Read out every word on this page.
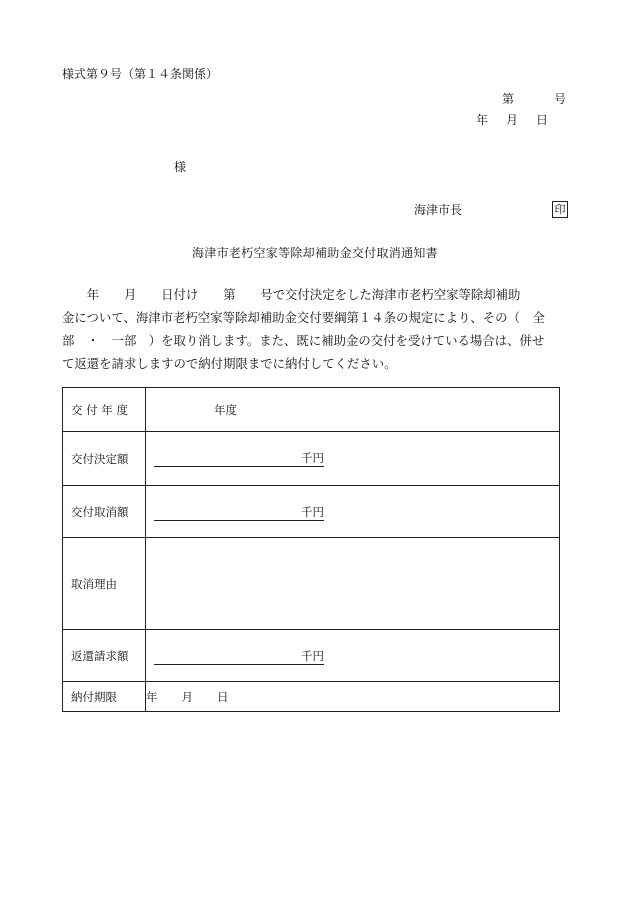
様式第９号（第１４条関係）
第	号
年 月 日
様
海津市長	印
海津市老朽空家等除却補助金交付取消通知書
　　年　　月　　日付け　　第　　号で交付決定をした海津市老朽空家等除却補助
金について、海津市老朽空家等除却補助金交付要綱第１４条の規定により、その（　全
部　・　一部　）を取り消します。また、既に補助金の交付を受けている場合は、併せ
て返還を請求しますので納付期限までに納付してください。
交 付 年 度	年度
交付決定額	千円

交付取消額	千円

取消理由	
返還請求額	千円

納付期限	年 月 日
